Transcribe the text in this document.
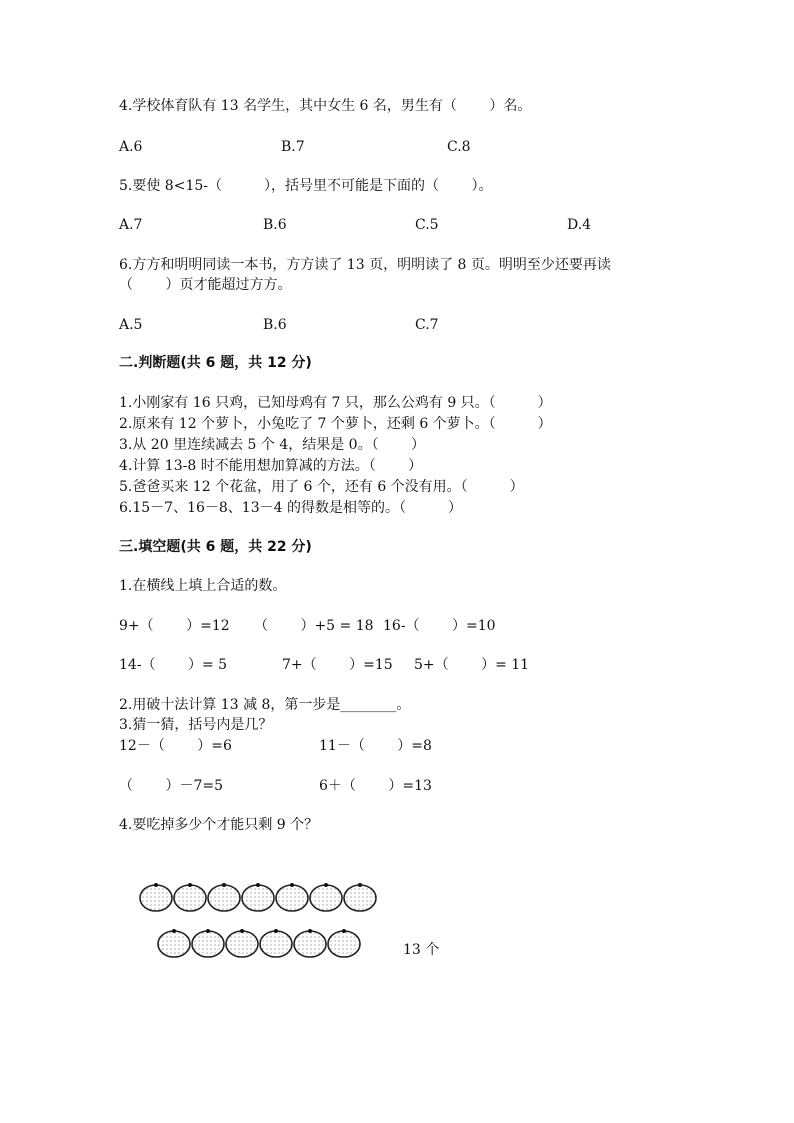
4.学校体育队有 13 名学生，其中女生 6 名，男生有（　　 ）名。
A.6	B.7	C.8
5.要使 8<15-（　　　），括号里不可能是下面的（　　 ）。
A.7	B.6	C.5	D.4
6.方方和明明同读一本书，方方读了 13 页，明明读了 8 页。明明至少还要再读
（　　 ）页才能超过方方。
A.5	B.6	C.7
二.判断题(共 6 题，共 12 分)
1.小刚家有 16 只鸡，已知母鸡有 7 只，那么公鸡有 9 只。（　　　）
2.原来有 12 个萝卜，小兔吃了 7 个萝卜，还剩 6 个萝卜。（　　　）
3.从 20 里连续减去 5 个 4，结果是 0。（　　 ）
4.计算 13-8 时不能用想加算减的方法。（　　 ）
5.爸爸买来 12 个花盆，用了 6 个，还有 6 个没有用。（　　　）
6.15－7、16－8、13－4 的得数是相等的。（　　　）
三.填空题(共 6 题，共 22 分)
1.在横线上填上合适的数。
9+（　　 ）=12 （　　 ）+5 = 18 16-（　　 ）=10
14-（　　 ）= 5	7+（　　 ）=15 5+（　　 ）= 11
2.用破十法计算 13 减 8，第一步是________。
3.猜一猜，括号内是几？
12－（　　 ）=6	11－（　　 ）=8
（　　 ）－7=5	6＋（　　 ）=13
4.要吃掉多少个才能只剩 9 个？
13 个
